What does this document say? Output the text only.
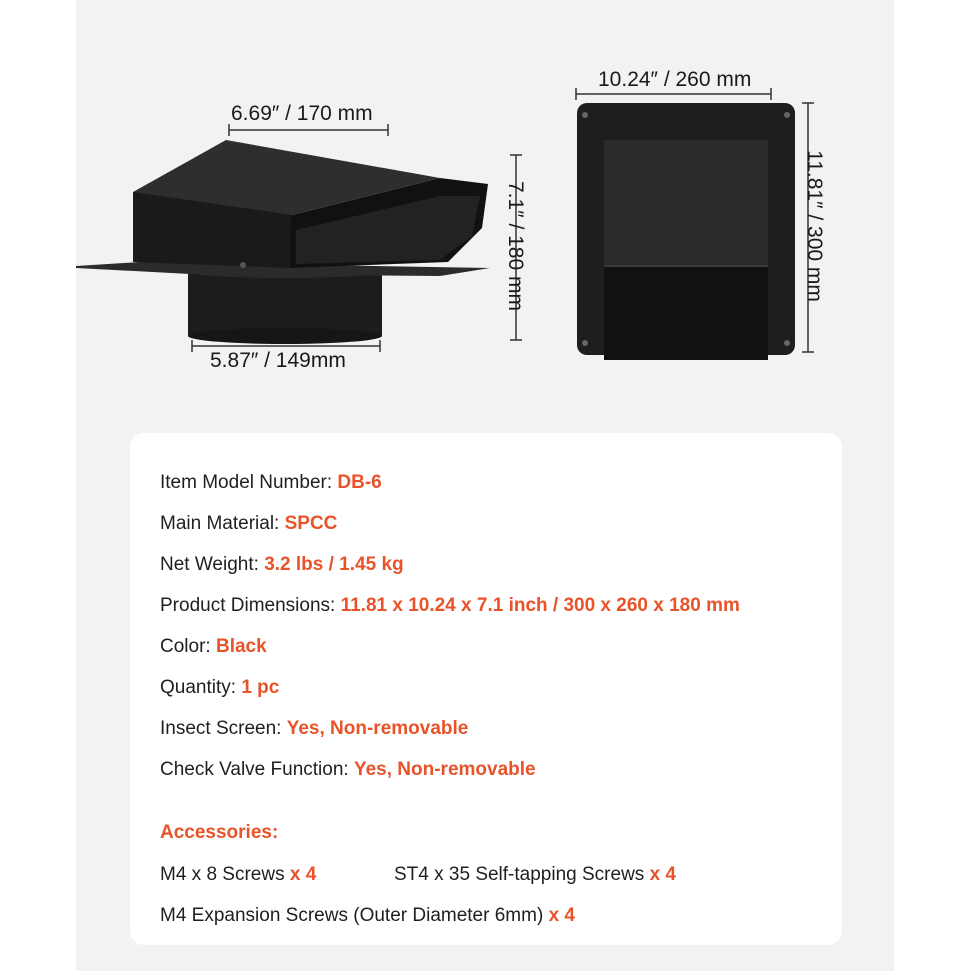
6.69″ / 170 mm
5.87″ / 149mm
7.1″ / 180 mm
10.24″ / 260 mm
11.81″ / 300 mm
Item Model Number: DB-6
Main Material: SPCC
Net Weight: 3.2 lbs / 1.45 kg
Product Dimensions: 11.81 x 10.24 x 7.1 inch / 300 x 260 x 180 mm
Color: Black
Quantity: 1 pc
Insect Screen: Yes, Non-removable
Check Valve Function: Yes, Non-removable
Accessories:
M4 x 8 Screws x 4	ST4 x 35 Self-tapping Screws x 4
M4 Expansion Screws (Outer Diameter 6mm) x 4
